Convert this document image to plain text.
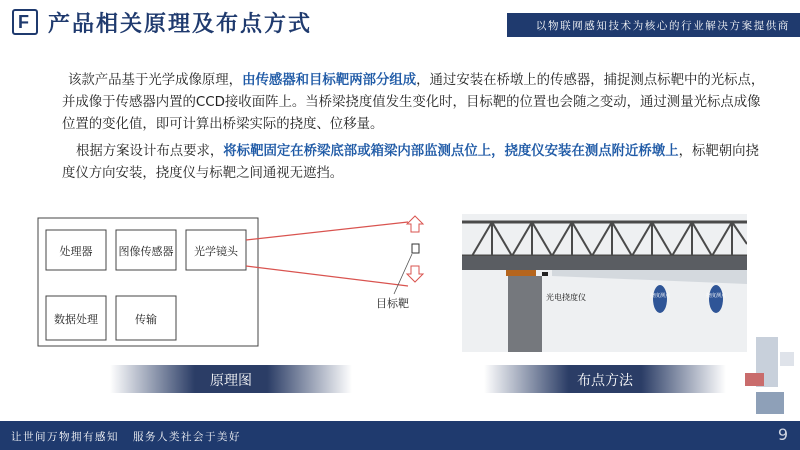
F 产品相关原理及布点方式	以物联网感知技术为核心的行业解决方案提供商
该款产品基于光学成像原理，由传感器和目标靶两部分组成，通过安装在桥墩上的传感器，捕捉测点标靶中的光标点，并成像于传感器内置的CCD接收面阵上。当桥梁挠度值发生变化时，目标靶的位置也会随之变动，通过测量光标点成像位置的变化值，即可计算出桥梁实际的挠度、位移量。
根据方案设计布点要求，将标靶固定在桥梁底部或箱梁内部监测点位上，挠度仪安装在测点附近桥墩上，标靶朝向挠度仪方向安装，挠度仪与标靶之间通视无遮挡。
处理器 图像传感器 光学镜头
数据处理	传输
目标靶
挠度测点	挠度测点
光电挠度仪
原理图	布点方法
让世间万物拥有感知 服务人类社会于美好	9
